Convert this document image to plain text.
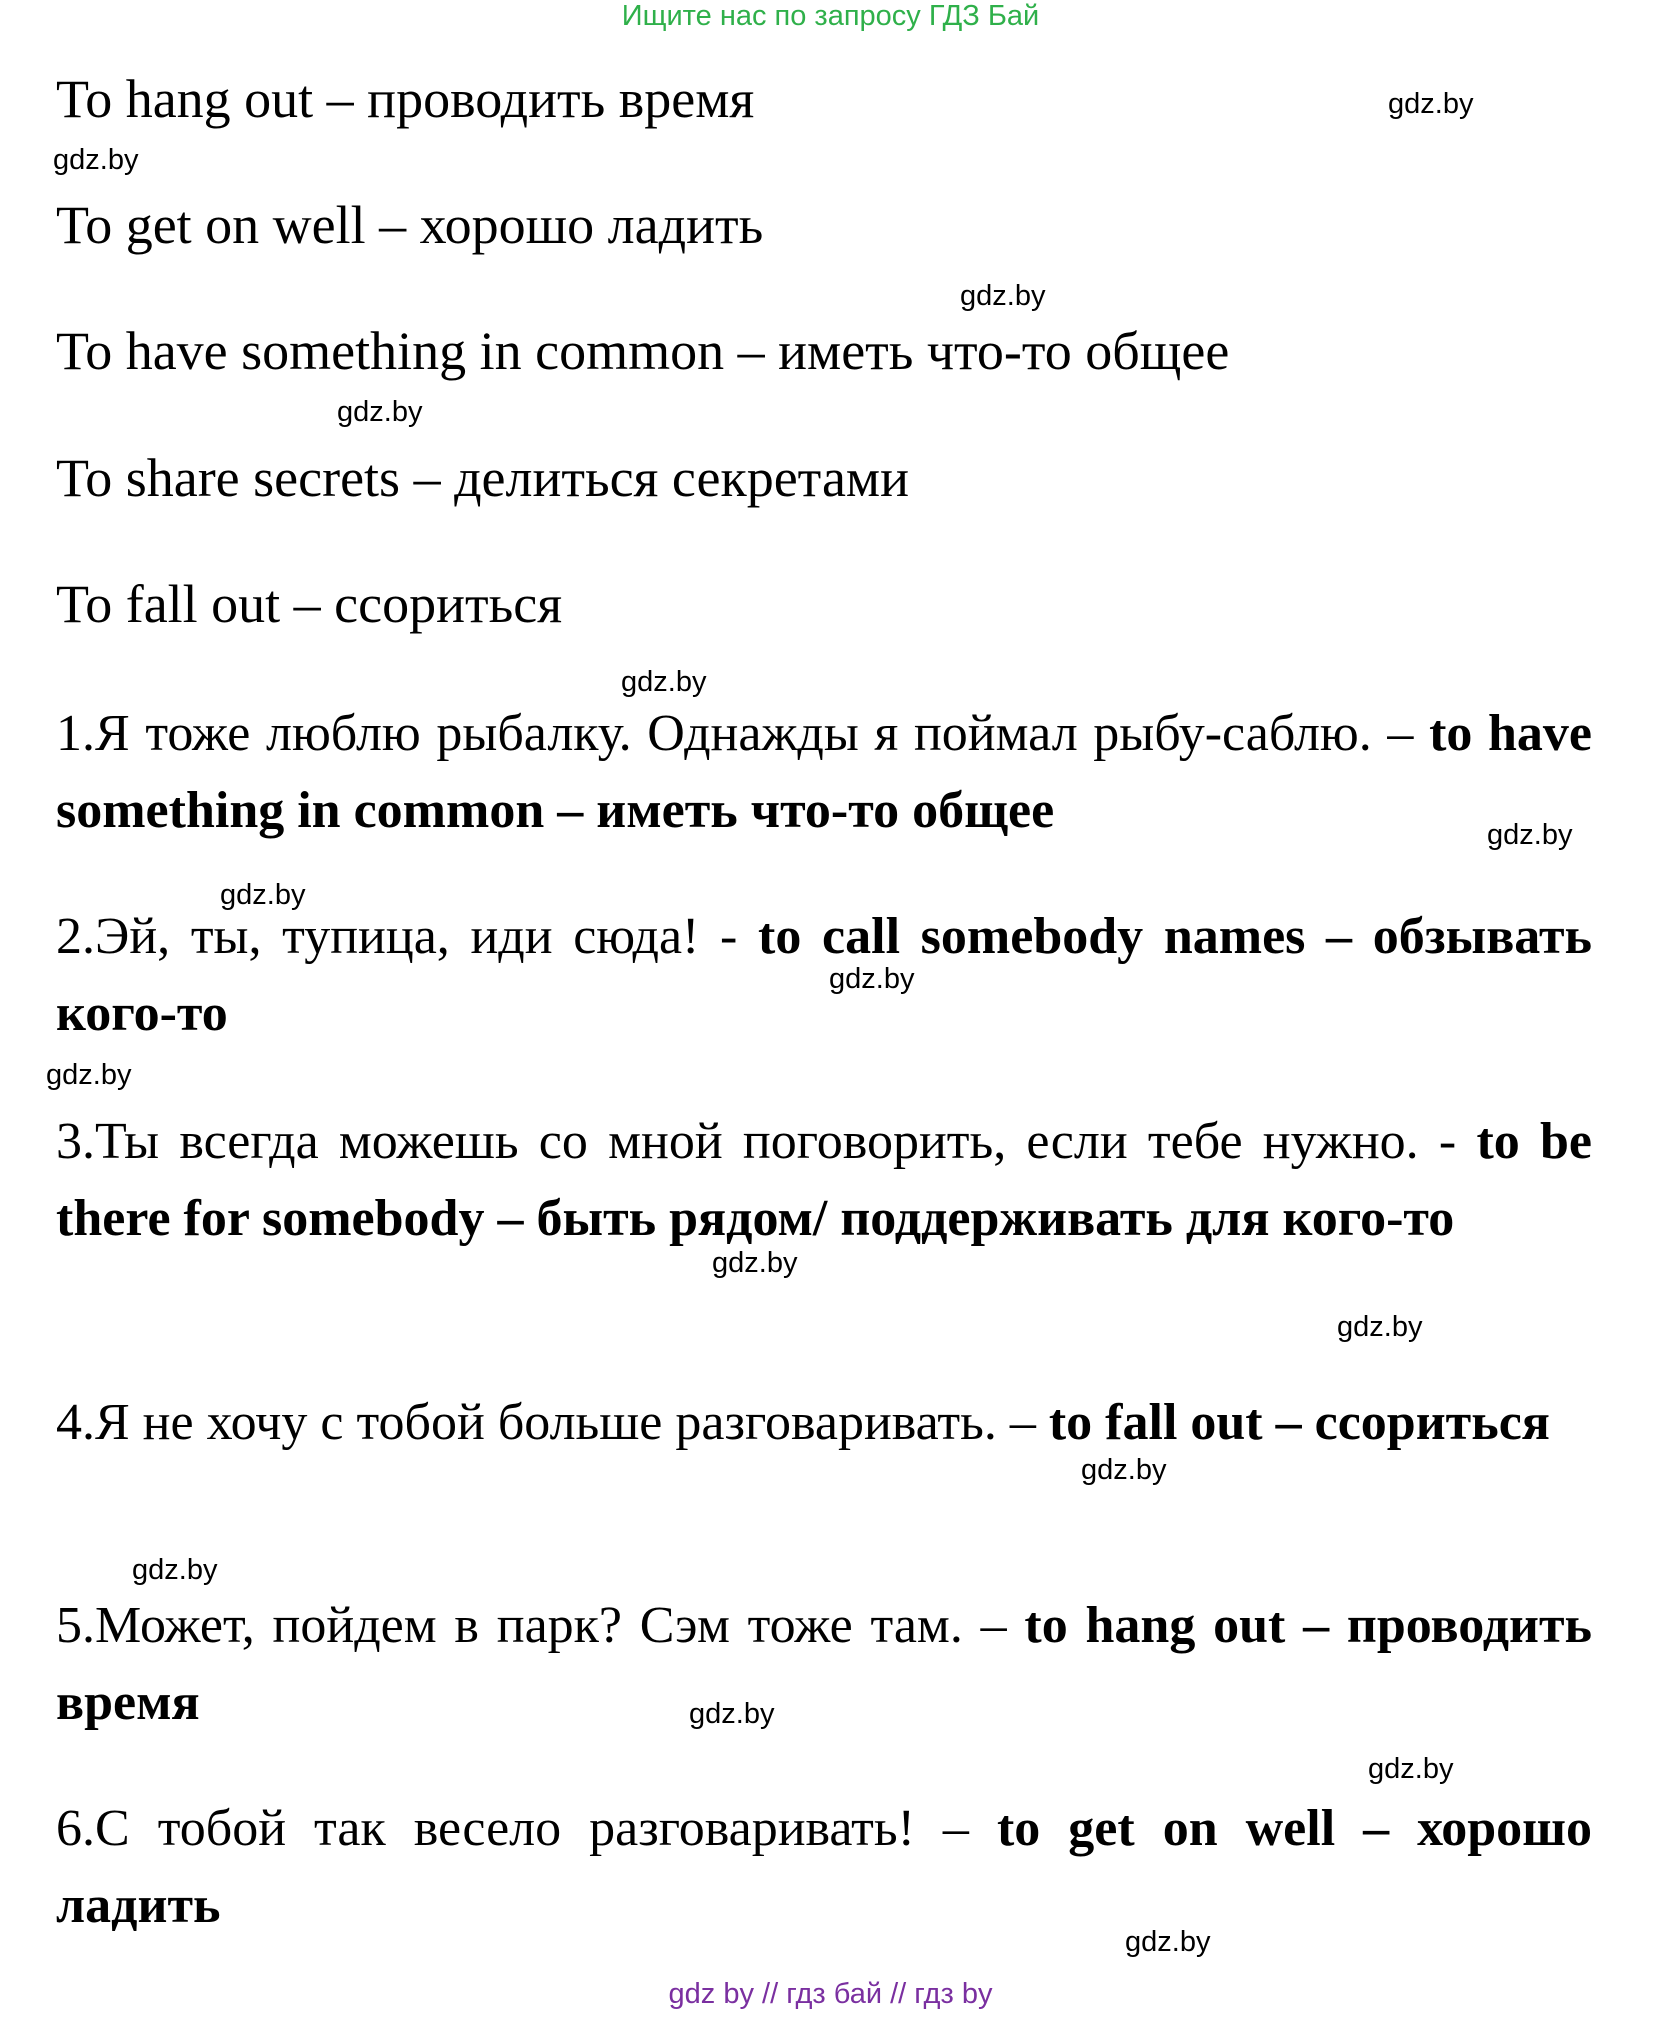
Ищите нас по запросу ГДЗ Бай
To hang out – проводить время
To get on well – хорошо ладить
To have something in common – иметь что-то общее
To share secrets – делиться секретами
To fall out – ссориться
1.Я тоже люблю рыбалку. Однажды я поймал рыбу-саблю. – to have something in common – иметь что-то общее
2.Эй, ты, тупица, иди сюда! - to call somebody names – обзывать кого-то
3.Ты всегда можешь со мной поговорить, если тебе нужно. - to be there for somebody – быть рядом/ поддерживать для кого-то
4.Я не хочу с тобой больше разговаривать. – to fall out – ссориться
5.Может, пойдем в парк? Сэм тоже там. – to hang out – проводить время
6.С тобой так весело разговаривать! – to get on well – хорошо ладить
gdz.by
gdz.by
gdz.by
gdz.by
gdz.by
gdz.by
gdz.by
gdz.by
gdz.by
gdz.by
gdz.by
gdz.by
gdz.by
gdz.by
gdz.by
gdz.by
gdz by // гдз бай // гдз by
